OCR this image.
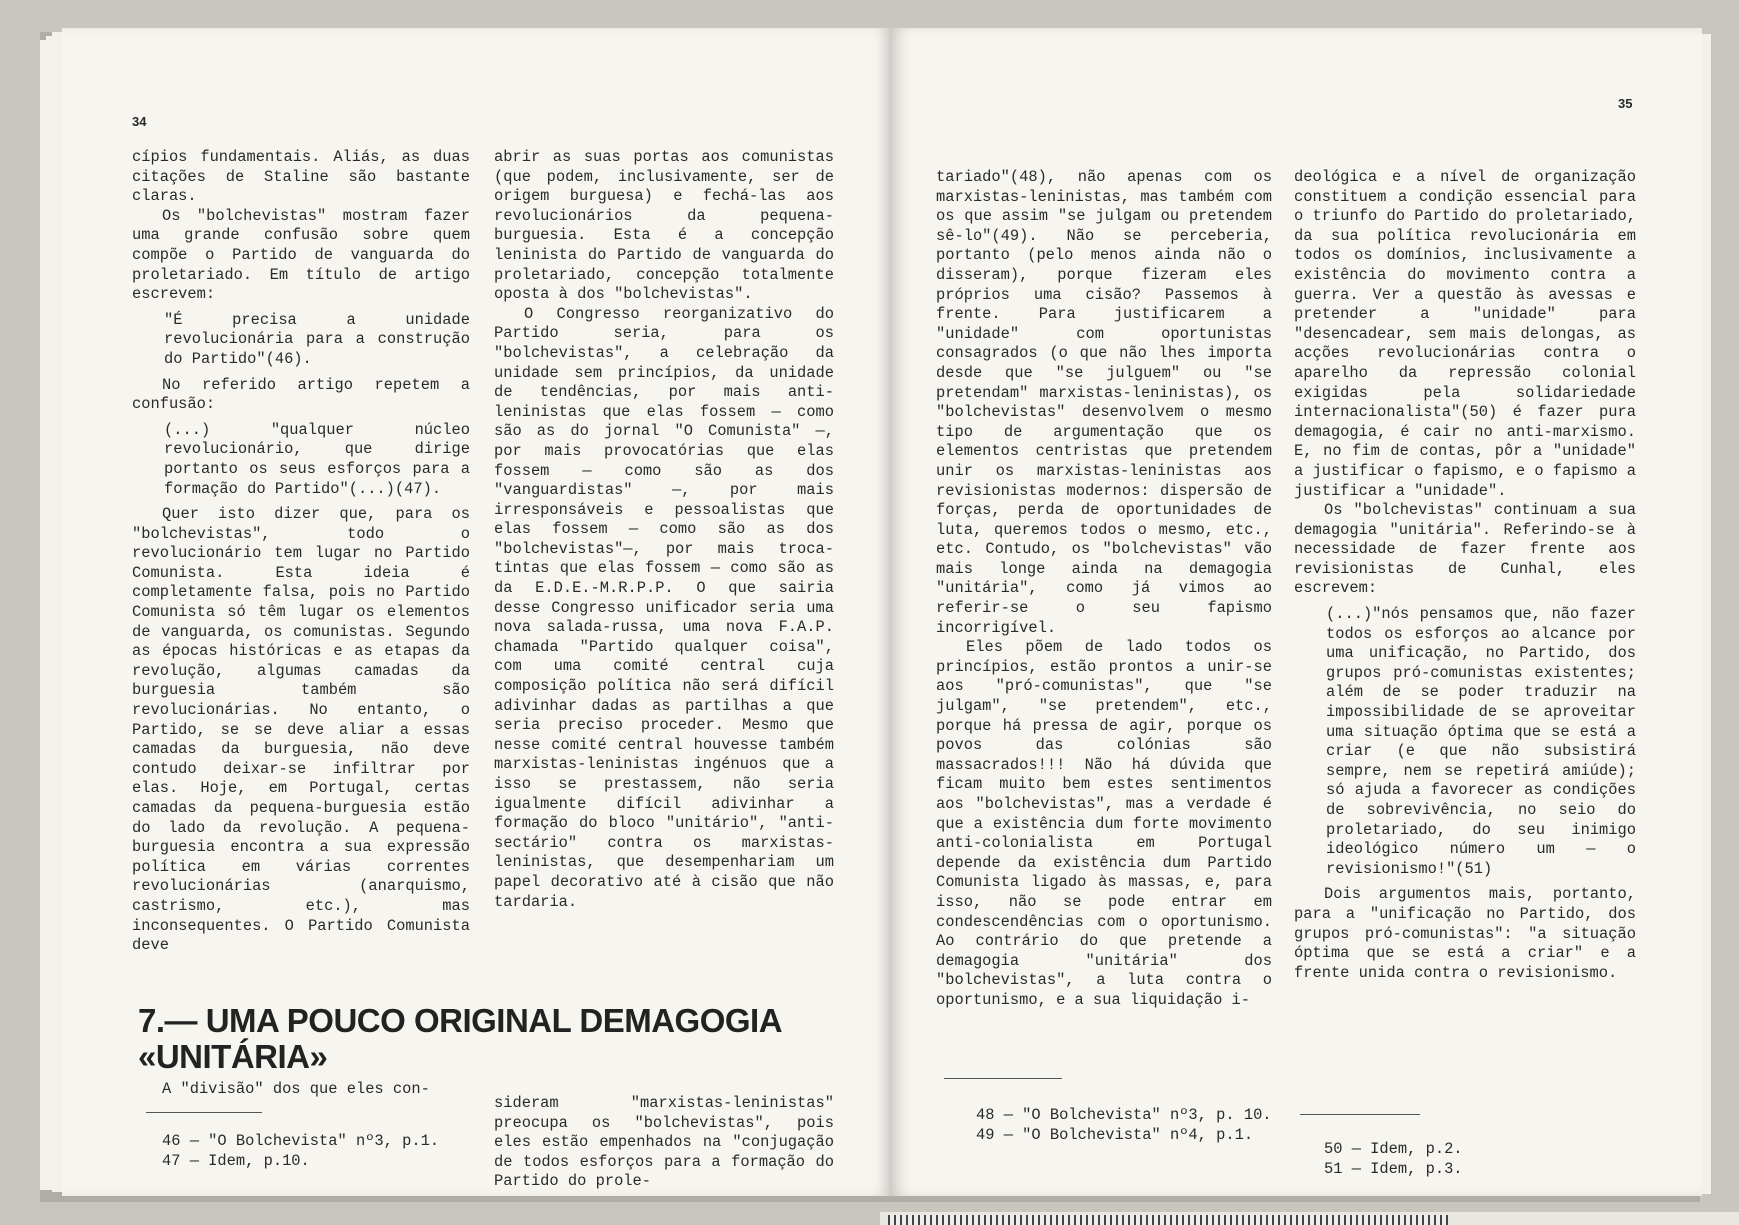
34

cípios fundamentais. Aliás, as duas citações de Staline são bastante claras.

Os "bolchevistas" mostram fazer uma grande confusão sobre quem compõe o Partido de vanguarda do proletariado. Em título de artigo escrevem:

"É precisa a unidade revolucionária para a construção do Partido"(46).

No referido artigo repetem a confusão:

(...) "qualquer núcleo revolucionário, que dirige portanto os seus esforços para a formação do Partido"(...)(47).

Quer isto dizer que, para os "bolchevistas", todo o revolucionário tem lugar no Partido Comunista. Esta ideia é completamente falsa, pois no Partido Comunista só têm lugar os elementos de vanguarda, os comunistas. Segundo as épocas históricas e as etapas da revolução, algumas camadas da burguesia também são revolucionárias. No entanto, o Partido, se se deve aliar a essas camadas da burguesia, não deve contudo deixar-se infiltrar por elas. Hoje, em Portugal, certas camadas da pequena-burguesia estão do lado da revolução. A pequena-burguesia encontra a sua expressão política em várias correntes revolucionárias (anarquismo, castrismo, etc.), mas inconsequentes. O Partido Comunista deve

abrir as suas portas aos comunistas (que podem, inclusivamente, ser de origem burguesa) e fechá-las aos revolucionários da pequena-burguesia. Esta é a concepção leninista do Partido de vanguarda do proletariado, concepção totalmente oposta à dos "bolchevistas".

O Congresso reorganizativo do Partido seria, para os "bolchevistas", a celebração da unidade sem princípios, da unidade de tendências, por mais anti-leninistas que elas fossem — como são as do jornal "O Comunista" —, por mais provocatórias que elas fossem — como são as dos "vanguardistas" —, por mais irresponsáveis e pessoalistas que elas fossem — como são as dos "bolchevistas"—, por mais troca-tintas que elas fossem — como são as da E.D.E.-M.R.P.P. O que sairia desse Congresso unificador seria uma nova salada-russa, uma nova F.A.P. chamada "Partido qualquer coisa", com uma comité central cuja composição política não será difícil adivinhar dadas as partilhas a que seria preciso proceder. Mesmo que nesse comité central houvesse também marxistas-leninistas ingénuos que a isso se prestassem, não seria igualmente difícil adivinhar a formação do bloco "unitário", "anti-sectário" contra os marxistas-leninistas, que desempenhariam um papel decorativo até à cisão que não tardaria.

7.— UMA POUCO ORIGINAL DEMAGOGIA «UNITÁRIA»

A "divisão" dos que eles con-

sideram "marxistas-leninistas" preocupa os "bolchevistas", pois eles estão empenhados na "conjugação de todos esforços para a formação do Partido do prole-

46 — "O Bolchevista" nº3, p.1.

47 — Idem, p.10.

35

tariado"(48), não apenas com os marxistas-leninistas, mas também com os que assim "se julgam ou pretendem sê-lo"(49). Não se perceberia, portanto (pelo menos ainda não o disseram), porque fizeram eles próprios uma cisão? Passemos à frente. Para justificarem a "unidade" com oportunistas consagrados (o que não lhes importa desde que "se julguem" ou "se pretendam" marxistas-leninistas), os "bolchevistas" desenvolvem o mesmo tipo de argumentação que os elementos centristas que pretendem unir os marxistas-leninistas aos revisionistas modernos: dispersão de forças, perda de oportunidades de luta, queremos todos o mesmo, etc., etc. Contudo, os "bolchevistas" vão mais longe ainda na demagogia "unitária", como já vimos ao referir-se o seu fapismo incorrigível.

Eles põem de lado todos os princípios, estão prontos a unir-se aos "pró-comunistas", que "se julgam", "se pretendem", etc., porque há pressa de agir, porque os povos das colónias são massacrados!!! Não há dúvida que ficam muito bem estes sentimentos aos "bolchevistas", mas a verdade é que a existência dum forte movimento anti-colonialista em Portugal depende da existência dum Partido Comunista ligado às massas, e, para isso, não se pode entrar em condescendências com o oportunismo. Ao contrário do que pretende a demagogia "unitária" dos "bolchevistas", a luta contra o oportunismo, e a sua liquidação i-

deológica e a nível de organização constituem a condição essencial para o triunfo do Partido do proletariado, da sua política revolucionária em todos os domínios, inclusivamente a existência do movimento contra a guerra. Ver a questão às avessas e pretender a "unidade" para "desencadear, sem mais delongas, as acções revolucionárias contra o aparelho da repressão colonial exigidas pela solidariedade internacionalista"(50) é fazer pura demagogia, é cair no anti-marxismo. E, no fim de contas, pôr a "unidade" a justificar o fapismo, e o fapismo a justificar a "unidade".

Os "bolchevistas" continuam a sua demagogia "unitária". Referindo-se à necessidade de fazer frente aos revisionistas de Cunhal, eles escrevem:

(...)"nós pensamos que, não fazer todos os esforços ao alcance por uma unificação, no Partido, dos grupos pró-comunistas existentes; além de se poder traduzir na impossibilidade de se aproveitar uma situação óptima que se está a criar (e que não subsistirá sempre, nem se repetirá amiúde); só ajuda a favorecer as condições de sobrevivência, no seio do proletariado, do seu inimigo ideológico número um — o revisionismo!"(51)

Dois argumentos mais, portanto, para a "unificação no Partido, dos grupos pró-comunistas": "a situação óptima que se está a criar" e a frente unida contra o revisionismo.

48 — "O Bolchevista" nº3, p. 10.

49 — "O Bolchevista" nº4, p.1.

50 — Idem, p.2.

51 — Idem, p.3.
